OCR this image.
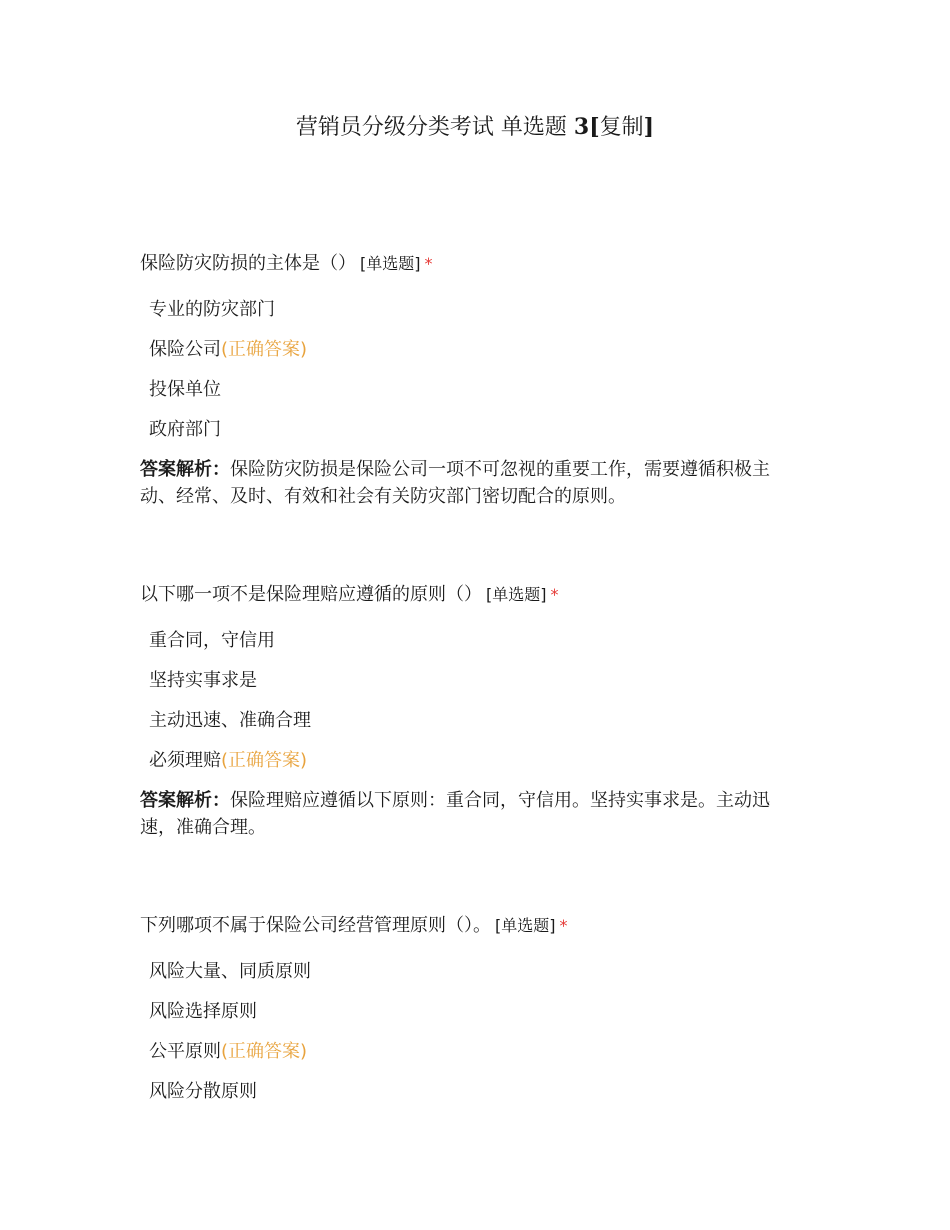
营销员分级分类考试 单选题 3[复制]
保险防灾防损的主体是（） [单选题] *
专业的防灾部门
保险公司(正确答案)
投保单位
政府部门
答案解析：保险防灾防损是保险公司一项不可忽视的重要工作，需要遵循积极主动、经常、及时、有效和社会有关防灾部门密切配合的原则。
以下哪一项不是保险理赔应遵循的原则（） [单选题] *
重合同，守信用
坚持实事求是
主动迅速、准确合理
必须理赔(正确答案)
答案解析：保险理赔应遵循以下原则：重合同，守信用。坚持实事求是。主动迅速，准确合理。
下列哪项不属于保险公司经营管理原则（）。 [单选题] *
风险大量、同质原则
风险选择原则
公平原则(正确答案)
风险分散原则
